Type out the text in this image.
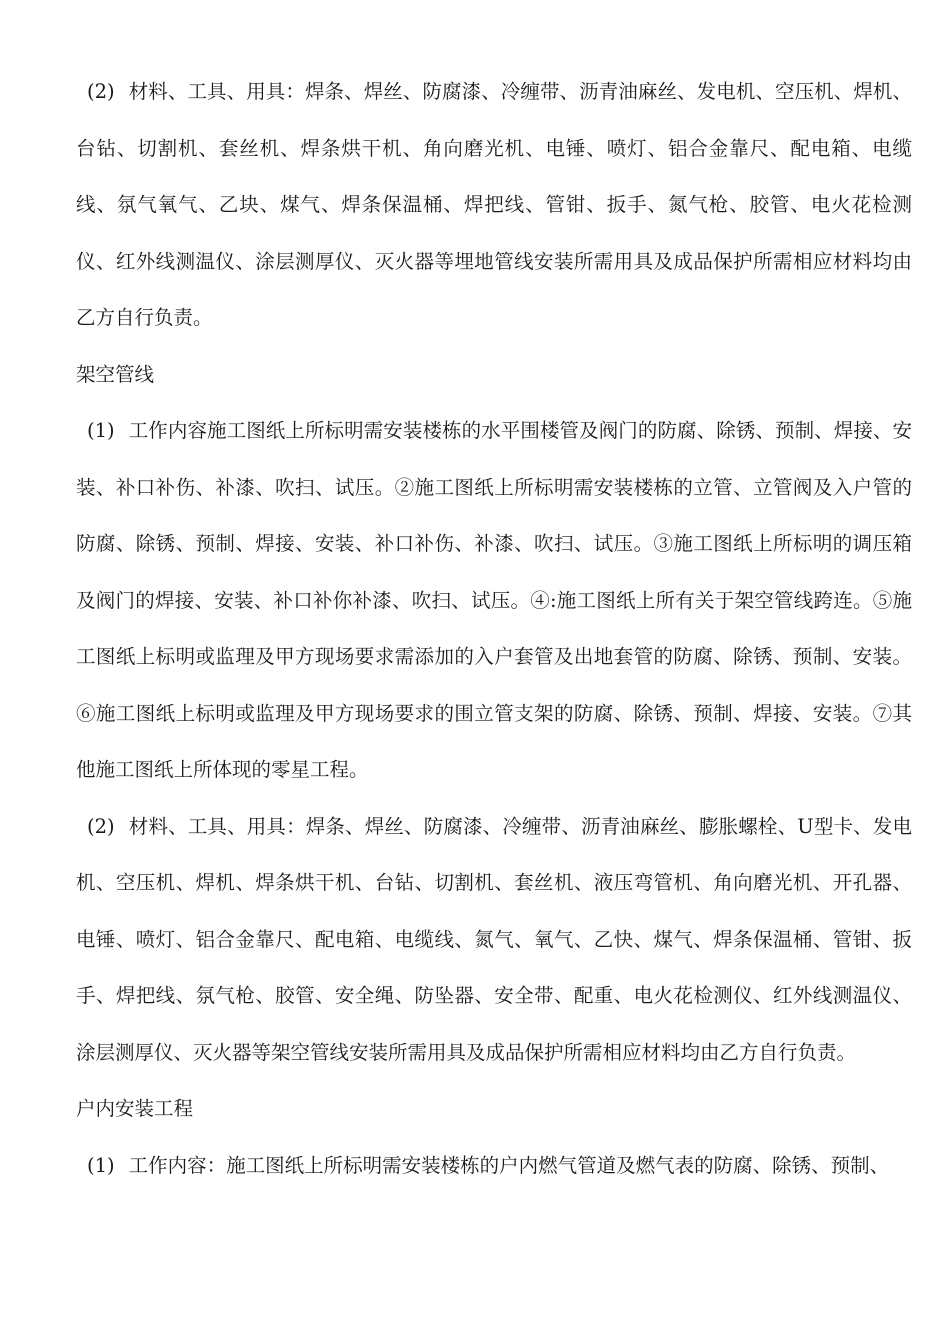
(2) 材料、工具、用具：焊条、焊丝、防腐漆、冷缠带、沥青油麻丝、发电机、空压机、焊机、台钻、切割机、套丝机、焊条烘干机、角向磨光机、电锤、喷灯、铝合金靠尺、配电箱、电缆线、氛气氧气、乙块、煤气、焊条保温桶、焊把线、管钳、扳手、氮气枪、胶管、电火花检测仪、红外线测温仪、涂层测厚仪、灭火器等埋地管线安装所需用具及成品保护所需相应材料均由乙方自行负责。

架空管线

(1) 工作内容施工图纸上所标明需安装楼栋的水平围楼管及阀门的防腐、除锈、预制、焊接、安装、补口补伤、补漆、吹扫、试压。②施工图纸上所标明需安装楼栋的立管、立管阀及入户管的防腐、除锈、预制、焊接、安装、补口补伤、补漆、吹扫、试压。③施工图纸上所标明的调压箱及阀门的焊接、安装、补口补你补漆、吹扫、试压。④:施工图纸上所有关于架空管线跨连。⑤施工图纸上标明或监理及甲方现场要求需添加的入户套管及出地套管的防腐、除锈、预制、安装。⑥施工图纸上标明或监理及甲方现场要求的围立管支架的防腐、除锈、预制、焊接、安装。⑦其他施工图纸上所体现的零星工程。

(2) 材料、工具、用具：焊条、焊丝、防腐漆、冷缠带、沥青油麻丝、膨胀螺栓、U型卡、发电机、空压机、焊机、焊条烘干机、台钻、切割机、套丝机、液压弯管机、角向磨光机、开孔器、电锤、喷灯、铝合金靠尺、配电箱、电缆线、氮气、氧气、乙快、煤气、焊条保温桶、管钳、扳手、焊把线、氛气枪、胶管、安全绳、防坠器、安全带、配重、电火花检测仪、红外线测温仪、涂层测厚仪、灭火器等架空管线安装所需用具及成品保护所需相应材料均由乙方自行负责。

户内安装工程

(1) 工作内容：施工图纸上所标明需安装楼栋的户内燃气管道及燃气表的防腐、除锈、预制、
